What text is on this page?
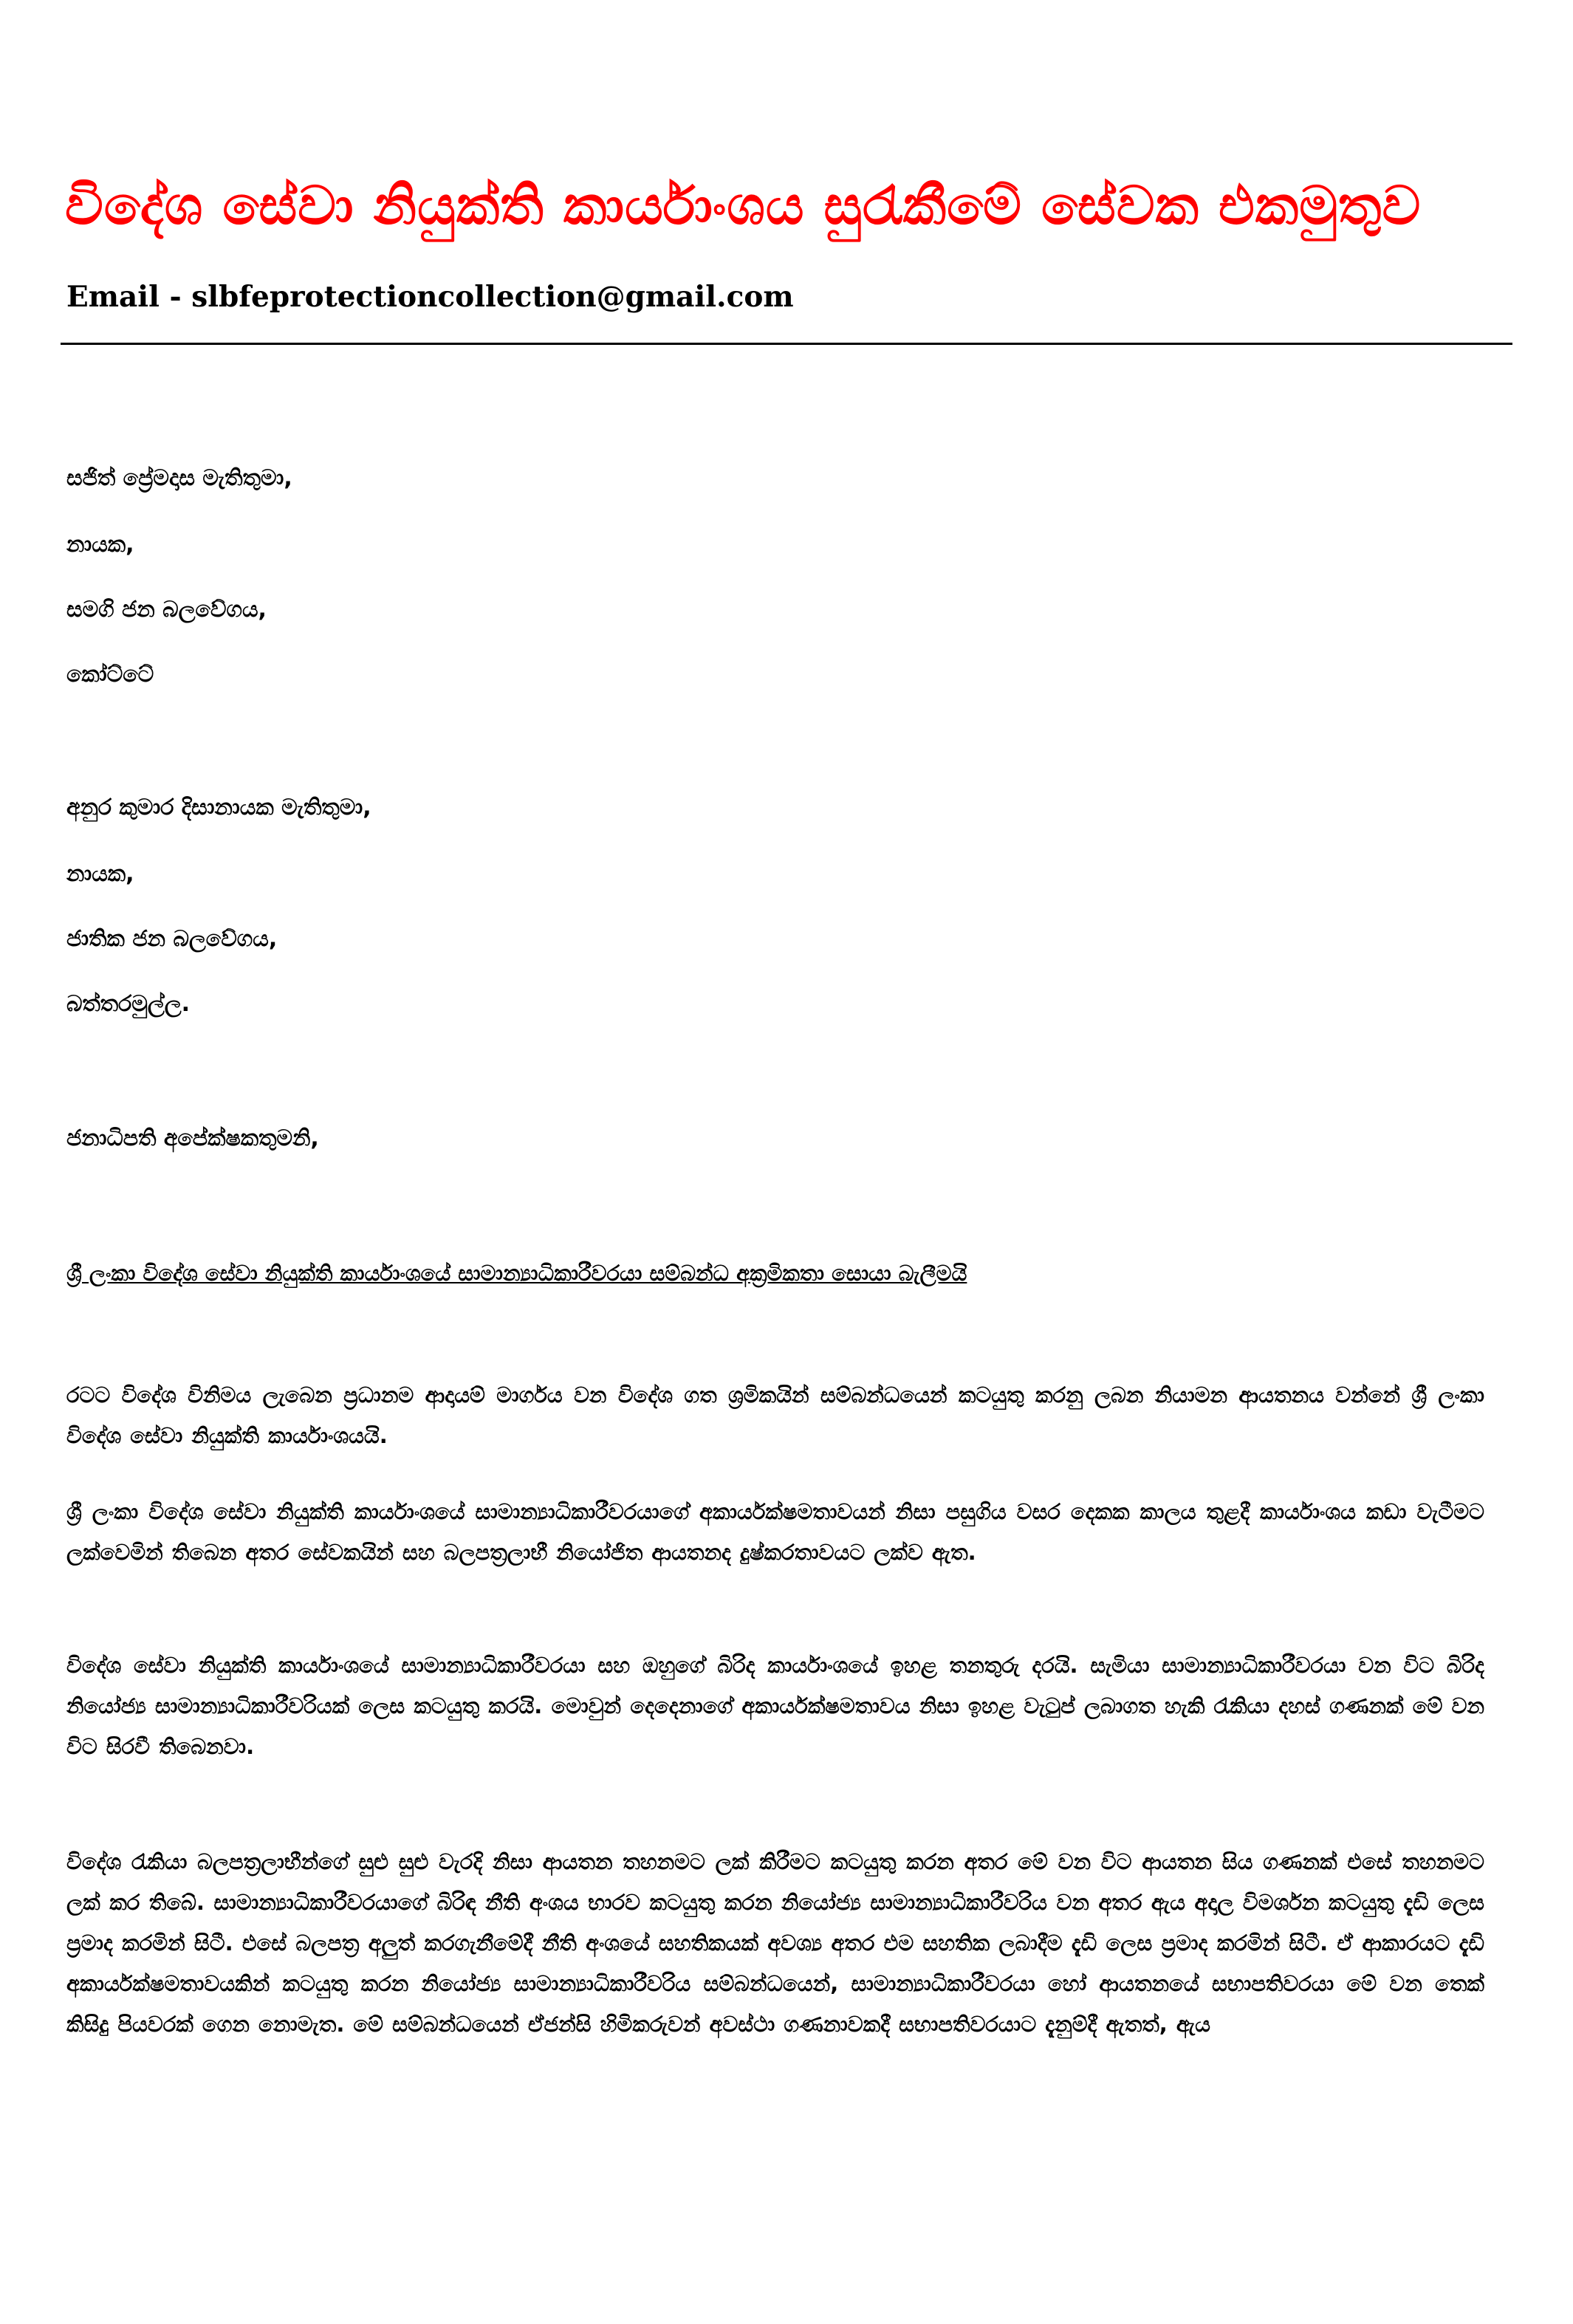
විදේශ සේවා නියුක්ති කාර්යාංශය සුරැකීමේ සේවක එකමුතුව
Email - slbfeprotectioncollection@gmail.com
සජිත් ප්‍රේමදාස මැතිතුමා,
නායක,
සමගි ජන බලවේගය,
කෝට්ටේ
අනුර කුමාර දිසානායක මැතිතුමා,
නායක,
ජාතික ජන බලවේගය,
බත්තරමුල්ල.
ජනාධිපති අපේක්ෂකතුමනි,
ශ්‍රී ලංකා විදේශ සේවා නියුක්ති කාර්යාංශයේ සාමාන්‍යාධිකාරීවරයා සම්බන්ධ අක්‍රමිකතා සොයා බැලීමයි

රටට විදේශ විනිමය ලැබෙන ප්‍රධානම ආදායම් මාර්ගය වන විදේශ ගත ශ්‍රමිකයින් සම්බන්ධයෙන් කටයුතු කරනු ලබන නියාමන ආයතනය වන්නේ ශ්‍රී ලංකා විදේශ සේවා නියුක්ති කාර්යාංශයයි.

ශ්‍රී ලංකා විදේශ සේවා නියුක්ති කාර්යාංශයේ සාමාන්‍යාධිකාරීවරයාගේ අකාර්යක්ෂමතාවයන් නිසා පසුගිය වසර දෙකක කාලය තුළදී කාර්යාංශය කඩා වැටීමට ලක්වෙමින් තිබෙන අතර සේවකයින් සහ බලපත්‍රලාභී නියෝජිත ආයතනද දුෂ්කරතාවයට ලක්ව ඇත.

විදේශ සේවා නියුක්ති කාර්යාංශයේ සාමාන්‍යාධිකාරීවරයා සහ ඔහුගේ බිරිද කාර්යාංශයේ ඉහළ තනතුරු දරයි. සැමියා සාමාන්‍යාධිකාරීවරයා වන විට බිරිද නියෝජ්‍ය සාමාන්‍යාධිකාරීවරියක් ලෙස කටයුතු කරයි. මොවුන් දෙදෙනාගේ අකාර්යක්ෂමතාවය නිසා ඉහළ වැටුප් ලබාගත හැකි රැකියා දහස් ගණනක් මේ වන විට සිරවී තිබෙනවා.

විදේශ රැකියා බලපත්‍රලාභීන්ගේ සුළු සුළු වැරදි නිසා ආයතන තහනමට ලක් කිරීමට කටයුතු කරන අතර මේ වන විට ආයතන සිය ගණනක් එසේ තහනමට ලක් කර තිබේ. සාමාන්‍යාධිකාරීවරයාගේ බිරිඳ නීති අංශය භාරව කටයුතු කරන නියෝජ්‍ය සාමාන්‍යාධිකාරීවරිය වන අතර ඇය අදාල විමර්ශන කටයුතු දැඩි ලෙස ප්‍රමාද කරමින් සිටී. එසේ බලපත්‍ර අලුත් කරගැනීමේදී නීති අංශයේ සහතිකයක් අවශ්‍ය අතර එම සහතික ලබාදීම දැඩි ලෙස ප්‍රමාද කරමින් සිටී. ඒ ආකාරයට දැඩි අකාර්යක්ෂමතාවයකින් කටයුතු කරන නියෝජ්‍ය සාමාන්‍යාධිකාරීවරිය සම්බන්ධයෙන්, සාමාන්‍යාධිකාරීවරයා හෝ ආයතනයේ සභාපතිවරයා මේ වන තෙක් කිසිදු පියවරක් ගෙන නොමැත. මේ සම්බන්ධයෙන් ඒජන්සි හිමිකරුවන් අවස්ථා ගණනාවකදී සභාපතිවරයාට දැනුම්දී ඇතත්, ඇය
